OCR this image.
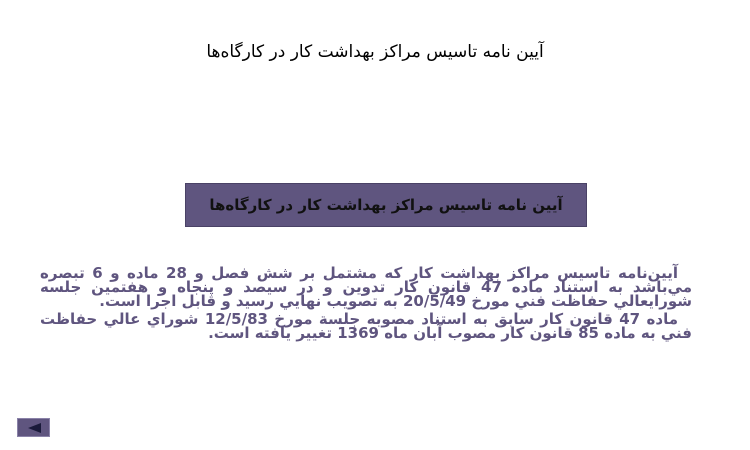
آیین نامه تاسیس مراکز بهداشت کار در کارگاه‌ها
آیین نامه تاسیس مراکز بهداشت کار در کارگاه‌ها

آيين‌نامه تاسيس مراكز بهداشت كار كه مشتمل بر شش فصل و 28 ماده و 6 تبصره مي‌باشد به استناد ماده 47 قانون كار تدوين و در سيصد و پنجاه و هفتمين جلسه شورايعالي حفاظت فني مورخ 20/5/49 به تصويب نهايي رسيد و قابل اجرا است.

ماده 47 قانون كار سابق به استناد مصوبه جلسة مورخ 12/5/83 شوراي عالي حفاظت فني به ماده 85 قانون كار مصوب آبان ماه 1369 تغيير يافته است.
